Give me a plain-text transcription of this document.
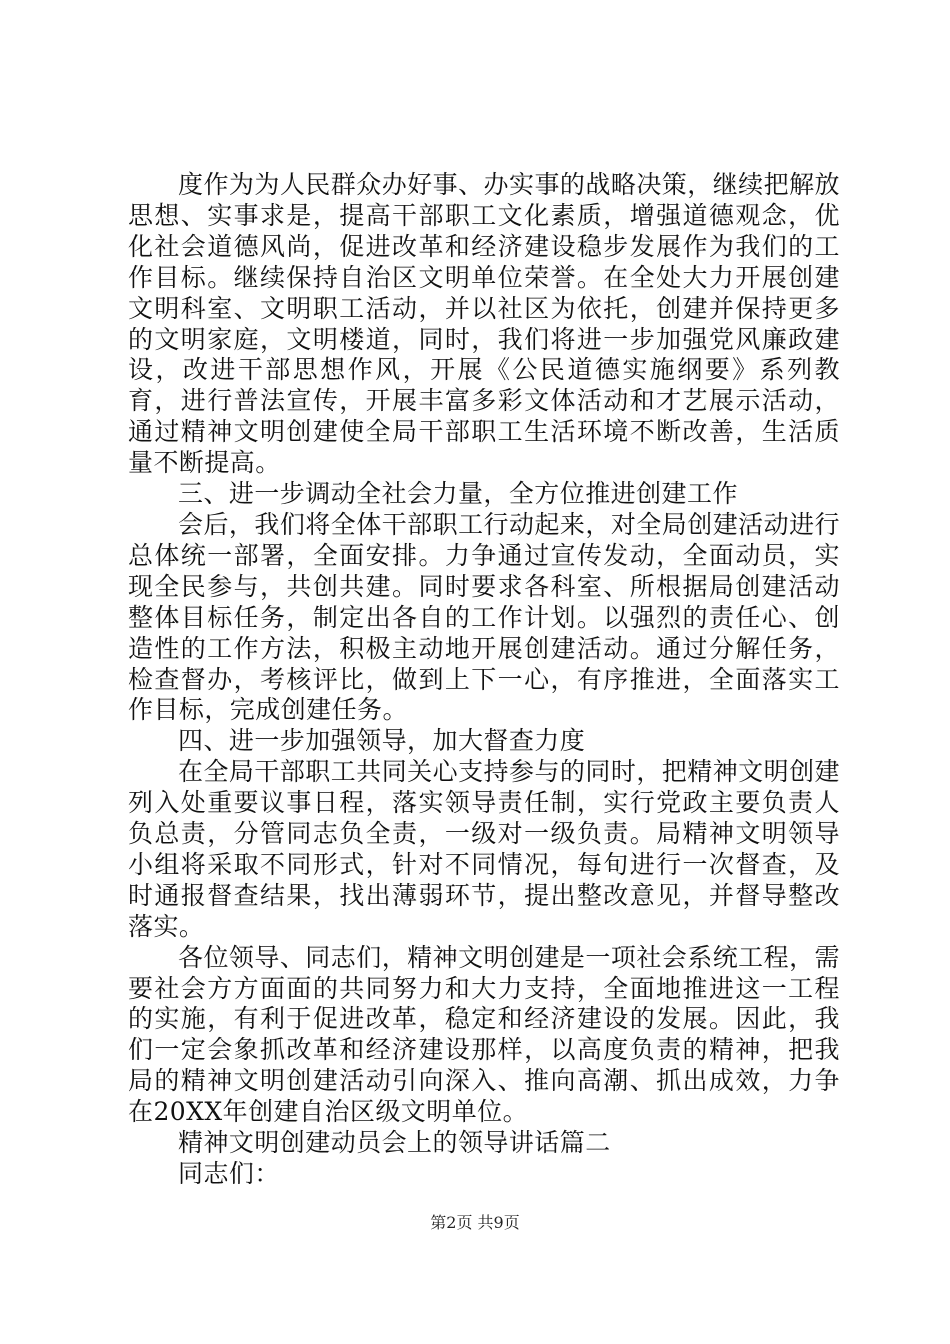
度作为为人民群众办好事、办实事的战略决策，继续把解放思想、实事求是，提高干部职工文化素质，增强道德观念，优化社会道德风尚，促进改革和经济建设稳步发展作为我们的工作目标。继续保持自治区文明单位荣誉。在全处大力开展创建文明科室、文明职工活动，并以社区为依托，创建并保持更多的文明家庭，文明楼道，同时，我们将进一步加强党风廉政建设，改进干部思想作风，开展《公民道德实施纲要》系列教育，进行普法宣传，开展丰富多彩文体活动和才艺展示活动，通过精神文明创建使全局干部职工生活环境不断改善，生活质量不断提高。

三、进一步调动全社会力量，全方位推进创建工作

会后，我们将全体干部职工行动起来，对全局创建活动进行总体统一部署，全面安排。力争通过宣传发动，全面动员，实现全民参与，共创共建。同时要求各科室、所根据局创建活动整体目标任务，制定出各自的工作计划。以强烈的责任心、创造性的工作方法，积极主动地开展创建活动。通过分解任务，检查督办，考核评比，做到上下一心，有序推进，全面落实工作目标，完成创建任务。

四、进一步加强领导，加大督查力度

在全局干部职工共同关心支持参与的同时，把精神文明创建列入处重要议事日程，落实领导责任制，实行党政主要负责人负总责，分管同志负全责，一级对一级负责。局精神文明领导小组将采取不同形式，针对不同情况，每旬进行一次督查，及时通报督查结果，找出薄弱环节，提出整改意见，并督导整改落实。

各位领导、同志们，精神文明创建是一项社会系统工程，需要社会方方面面的共同努力和大力支持，全面地推进这一工程的实施，有利于促进改革，稳定和经济建设的发展。因此，我们一定会象抓改革和经济建设那样，以高度负责的精神，把我局的精神文明创建活动引向深入、推向高潮、抓出成效，力争在20XX年创建自治区级文明单位。

精神文明创建动员会上的领导讲话篇二

同志们：

第2页 共9页
